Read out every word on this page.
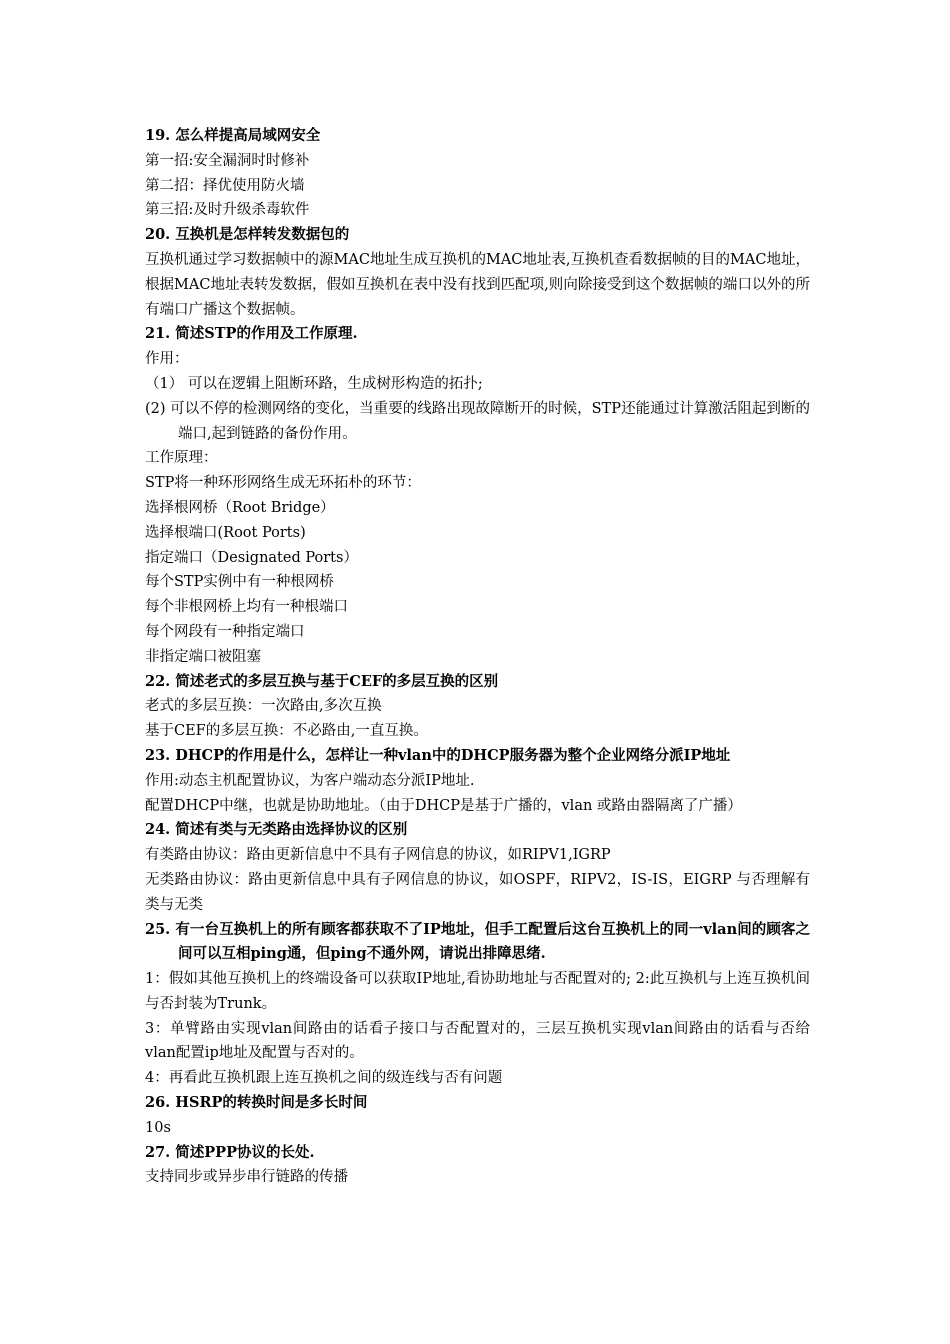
19. 怎么样提高局域网安全
第一招:安全漏洞时时修补
第二招：择优使用防火墙
第三招:及时升级杀毒软件
20. 互换机是怎样转发数据包的
互换机通过学习数据帧中的源MAC地址生成互换机的MAC地址表,互换机查看数据帧的目的MAC地址，根据MAC地址表转发数据，假如互换机在表中没有找到匹配项,则向除接受到这个数据帧的端口以外的所有端口广播这个数据帧。
21. 简述STP的作用及工作原理.
作用：
（1） 可以在逻辑上阻断环路，生成树形构造的拓扑;
(2) 可以不停的检测网络的变化，当重要的线路出现故障断开的时候，STP还能通过计算激活阻起到断的端口,起到链路的备份作用。
工作原理：
STP将一种环形网络生成无环拓朴的环节：
选择根网桥（Root Bridge）
选择根端口(Root Ports)
指定端口（Designated Ports）
每个STP实例中有一种根网桥
每个非根网桥上均有一种根端口
每个网段有一种指定端口
非指定端口被阻塞
22. 简述老式的多层互换与基于CEF的多层互换的区别
老式的多层互换：一次路由,多次互换
基于CEF的多层互换：不必路由,一直互换。
23. DHCP的作用是什么，怎样让一种vlan中的DHCP服务器为整个企业网络分派IP地址
作用:动态主机配置协议，为客户端动态分派IP地址.
配置DHCP中继，也就是协助地址。（由于DHCP是基于广播的，vlan 或路由器隔离了广播）
24. 简述有类与无类路由选择协议的区别
有类路由协议：路由更新信息中不具有子网信息的协议，如RIPV1,IGRP
无类路由协议：路由更新信息中具有子网信息的协议，如OSPF，RIPV2，IS-IS，EIGRP 与否理解有类与无类
25. 有一台互换机上的所有顾客都获取不了IP地址，但手工配置后这台互换机上的同一vlan间的顾客之间可以互相ping通，但ping不通外网，请说出排障思绪.
1：假如其他互换机上的终端设备可以获取IP地址,看协助地址与否配置对的; 2:此互换机与上连互换机间与否封装为Trunk。
3：单臂路由实现vlan间路由的话看子接口与否配置对的，三层互换机实现vlan间路由的话看与否给vlan配置ip地址及配置与否对的。
4：再看此互换机跟上连互换机之间的级连线与否有问题
26. HSRP的转换时间是多长时间
10s
27. 简述PPP协议的长处.
支持同步或异步串行链路的传播
